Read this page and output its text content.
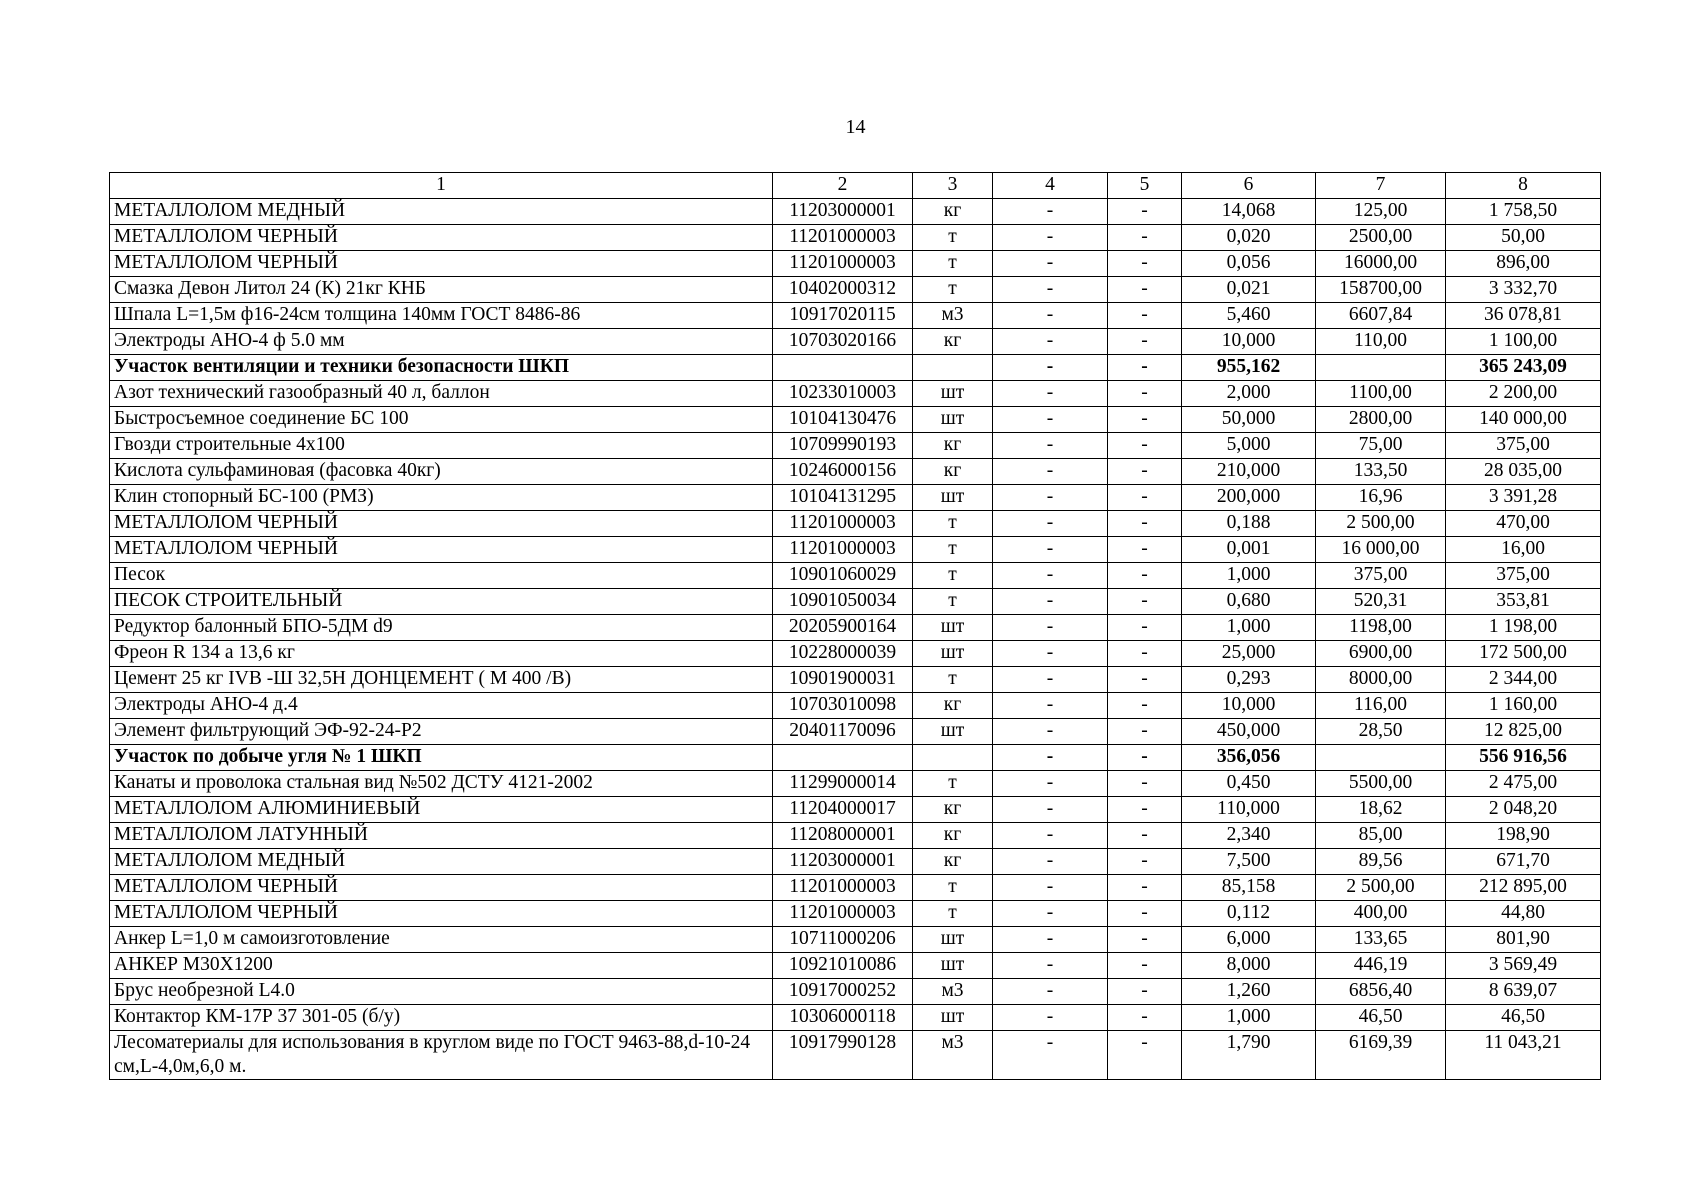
14
1	2	3	4	5	6	7	8
МЕТАЛЛОЛОМ МЕДНЫЙ	11203000001	кг	-	-	14,068	125,00	1 758,50
МЕТАЛЛОЛОМ ЧЕРНЫЙ	11201000003	т	-	-	0,020	2500,00	50,00
МЕТАЛЛОЛОМ ЧЕРНЫЙ	11201000003	т	-	-	0,056	16000,00	896,00
Смазка Девон Литол 24 (К) 21кг КНБ	10402000312	т	-	-	0,021	158700,00	3 332,70
Шпала L=1,5м ф16-24см толщина 140мм ГОСТ 8486-86	10917020115	м3	-	-	5,460	6607,84	36 078,81
Электроды АНО-4 ф 5.0 мм	10703020166	кг	-	-	10,000	110,00	1 100,00
Участок вентиляции и техники безопасности ШКП			-	-	955,162		365 243,09
Азот технический газообразный 40 л, баллон	10233010003	шт	-	-	2,000	1100,00	2 200,00
Быстросъемное соединение БС 100	10104130476	шт	-	-	50,000	2800,00	140 000,00
Гвозди строительные 4х100	10709990193	кг	-	-	5,000	75,00	375,00
Кислота сульфаминовая (фасовка 40кг)	10246000156	кг	-	-	210,000	133,50	28 035,00
Клин стопорный БС-100 (РМЗ)	10104131295	шт	-	-	200,000	16,96	3 391,28
МЕТАЛЛОЛОМ ЧЕРНЫЙ	11201000003	т	-	-	0,188	2 500,00	470,00
МЕТАЛЛОЛОМ ЧЕРНЫЙ	11201000003	т	-	-	0,001	16 000,00	16,00
Песок	10901060029	т	-	-	1,000	375,00	375,00
ПЕСОК СТРОИТЕЛЬНЫЙ	10901050034	т	-	-	0,680	520,31	353,81
Редуктор балонный БПО-5ДМ d9	20205900164	шт	-	-	1,000	1198,00	1 198,00
Фреон R 134 а 13,6 кг	10228000039	шт	-	-	25,000	6900,00	172 500,00
Цемент 25 кг IVB -Ш 32,5Н ДОНЦЕМЕНТ ( М 400 /В)	10901900031	т	-	-	0,293	8000,00	2 344,00
Электроды АНО-4 д.4	10703010098	кг	-	-	10,000	116,00	1 160,00
Элемент фильтрующий ЭФ-92-24-Р2	20401170096	шт	-	-	450,000	28,50	12 825,00
Участок по добыче угля № 1 ШКП			-	-	356,056		556 916,56
Канаты и проволока стальная вид №502 ДСТУ 4121-2002	11299000014	т	-	-	0,450	5500,00	2 475,00
МЕТАЛЛОЛОМ АЛЮМИНИЕВЫЙ	11204000017	кг	-	-	110,000	18,62	2 048,20
МЕТАЛЛОЛОМ ЛАТУННЫЙ	11208000001	кг	-	-	2,340	85,00	198,90
МЕТАЛЛОЛОМ МЕДНЫЙ	11203000001	кг	-	-	7,500	89,56	671,70
МЕТАЛЛОЛОМ ЧЕРНЫЙ	11201000003	т	-	-	85,158	2 500,00	212 895,00
МЕТАЛЛОЛОМ ЧЕРНЫЙ	11201000003	т	-	-	0,112	400,00	44,80
Анкер L=1,0 м самоизготовление	10711000206	шт	-	-	6,000	133,65	801,90
АНКЕР М30Х1200	10921010086	шт	-	-	8,000	446,19	3 569,49
Брус необрезной L4.0	10917000252	м3	-	-	1,260	6856,40	8 639,07
Контактор КМ-17Р 37 301-05 (б/у)	10306000118	шт	-	-	1,000	46,50	46,50
Лесоматериалы для использования в круглом виде по ГОСТ 9463-88,d-10-24 см,L-4,0м,6,0 м.	10917990128	м3	-	-	1,790	6169,39	11 043,21
